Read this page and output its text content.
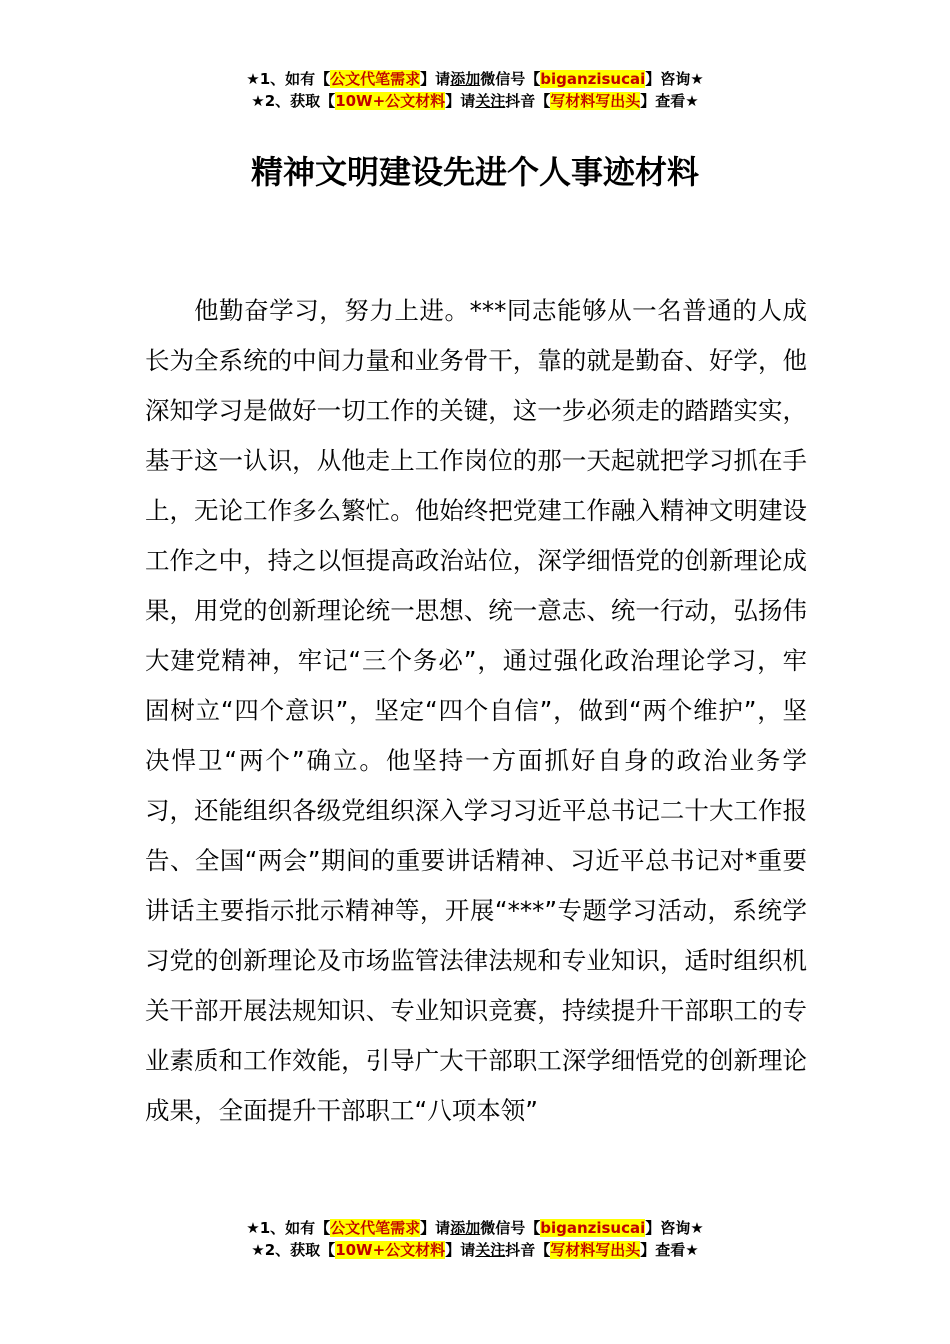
★1、如有【公文代笔需求】请添加微信号【biganzisucai】咨询★
★2、获取【10W+公文材料】请关注抖音【写材料写出头】查看★
精神文明建设先进个人事迹材料

他勤奋学习，努力上进。***同志能够从一名普通的人成长为全系统的中间力量和业务骨干，靠的就是勤奋、好学，他深知学习是做好一切工作的关键，这一步必须走的踏踏实实，基于这一认识，从他走上工作岗位的那一天起就把学习抓在手上，无论工作多么繁忙。他始终把党建工作融入精神文明建设工作之中，持之以恒提高政治站位，深学细悟党的创新理论成果，用党的创新理论统一思想、统一意志、统一行动，弘扬伟大建党精神，牢记“三个务必”，通过强化政治理论学习，牢固树立“四个意识”，坚定“四个自信”，做到“两个维护”，坚决悍卫“两个”确立。他坚持一方面抓好自身的政治业务学习，还能组织各级党组织深入学习习近平总书记二十大工作报告、全国“两会”期间的重要讲话精神、习近平总书记对*重要讲话主要指示批示精神等，开展“***”专题学习活动，系统学习党的创新理论及市场监管法律法规和专业知识，适时组织机关干部开展法规知识、专业知识竞赛，持续提升干部职工的专业素质和工作效能，引导广大干部职工深学细悟党的创新理论成果，全面提升干部职工“八项本领”

★1、如有【公文代笔需求】请添加微信号【biganzisucai】咨询★
★2、获取【10W+公文材料】请关注抖音【写材料写出头】查看★
